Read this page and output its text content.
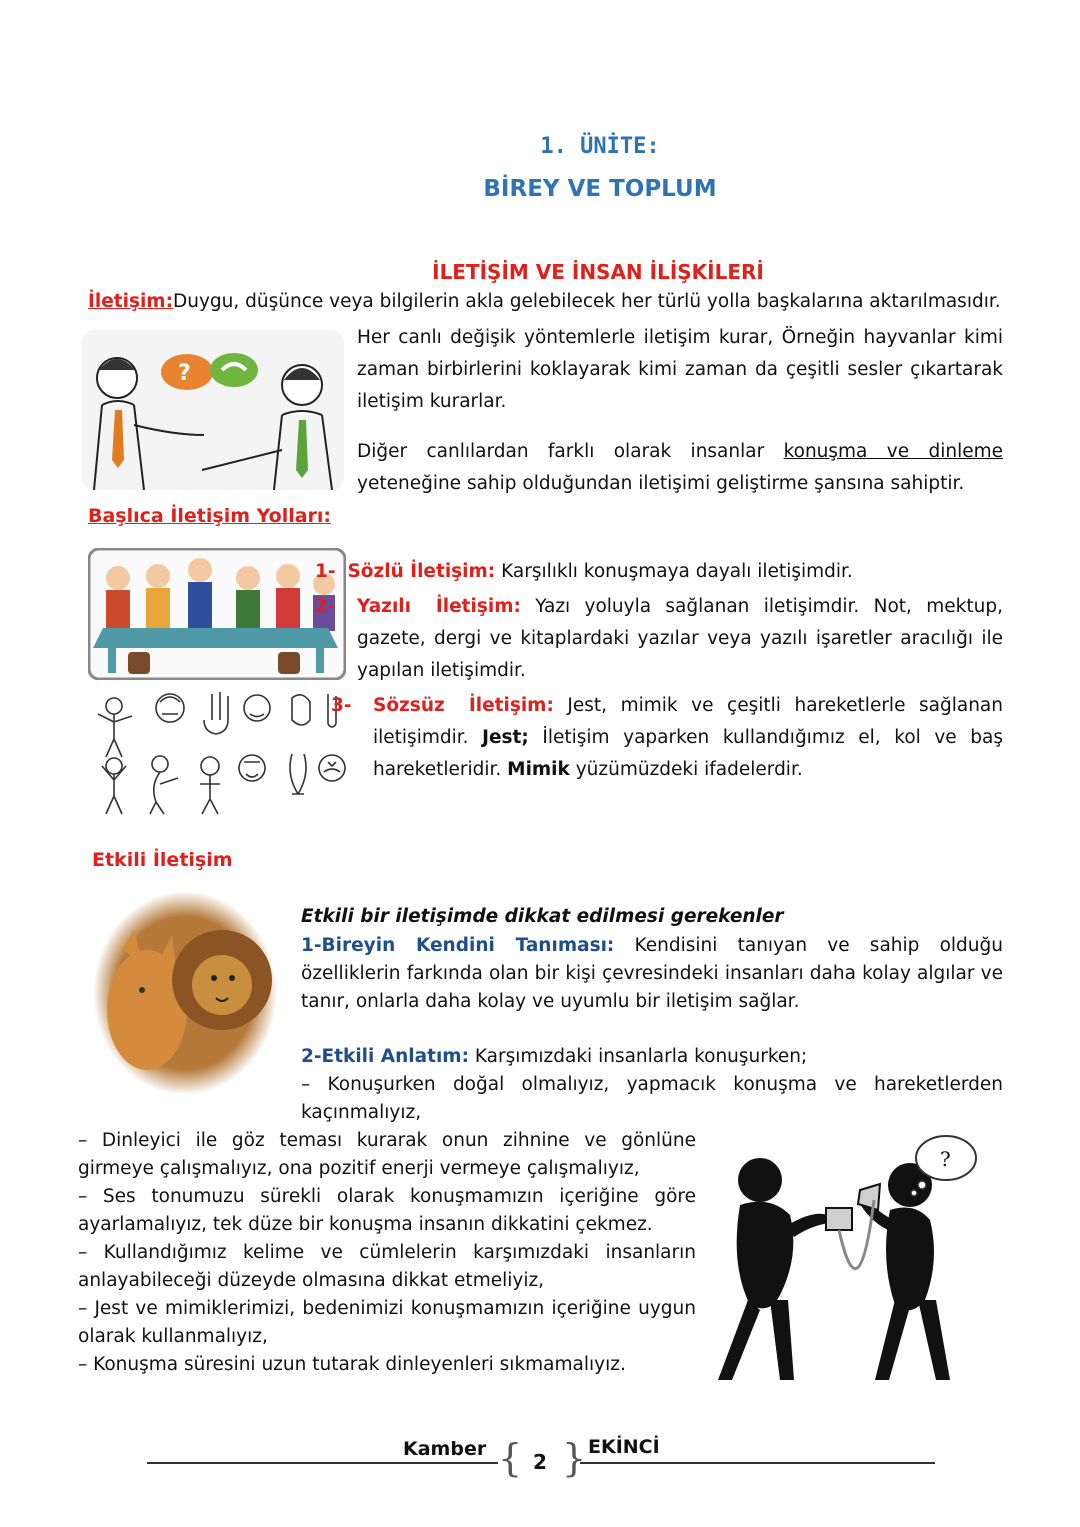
1. ÜNİTE:
BİREY VE TOPLUM
İLETİŞİM VE İNSAN İLİŞKİLERİ
İletişim:Duygu, düşünce veya bilgilerin akla gelebilecek her türlü yolla başkalarına aktarılmasıdır.
?
Her canlı değişik yöntemlerle iletişim kurar, Örneğin hayvanlar kimi zaman birbirlerini koklayarak kimi zaman da çeşitli sesler çıkartarak iletişim kurarlar.
Diğer canlılardan farklı olarak insanlar konuşma ve dinleme yeteneğine sahip olduğundan iletişimi geliştirme şansına sahiptir.
Başlıca İletişim Yolları:
1- Sözlü İletişim: Karşılıklı konuşmaya dayalı iletişimdir.
2- Yazılı İletişim: Yazı yoluyla sağlanan iletişimdir. Not, mektup, gazete, dergi ve kitaplardaki yazılar veya yazılı işaretler aracılığı ile yapılan iletişimdir.
3- Sözsüz İletişim: Jest, mimik ve çeşitli hareketlerle sağlanan iletişimdir. Jest; İletişim yaparken kullandığımız el, kol ve baş hareketleridir. Mimik yüzümüzdeki ifadelerdir.
Etkili İletişim
Etkili bir iletişimde dikkat edilmesi gerekenler
1-Bireyin Kendini Tanıması: Kendisini tanıyan ve sahip olduğu özelliklerin farkında olan bir kişi çevresindeki insanları daha kolay algılar ve tanır, onlarla daha kolay ve uyumlu bir iletişim sağlar.
2-Etkili Anlatım: Karşımızdaki insanlarla konuşurken;
– Konuşurken doğal olmalıyız, yapmacık konuşma ve hareketlerden kaçınmalıyız,
– Dinleyici ile göz teması kurarak onun zihnine ve gönlüne girmeye çalışmalıyız, ona pozitif enerji vermeye çalışmalıyız,
– Ses tonumuzu sürekli olarak konuşmamızın içeriğine göre ayarlamalıyız, tek düze bir konuşma insanın dikkatini çekmez.
– Kullandığımız kelime ve cümlelerin karşımızdaki insanların anlayabileceği düzeyde olmasına dikkat etmeliyiz,
– Jest ve mimiklerimizi, bedenimizi konuşmamızın içeriğine uygun olarak kullanmalıyız,
– Konuşma süresini uzun tutarak dinleyenleri sıkmamalıyız.
?
Kamber { 2 } EKİNCİ
